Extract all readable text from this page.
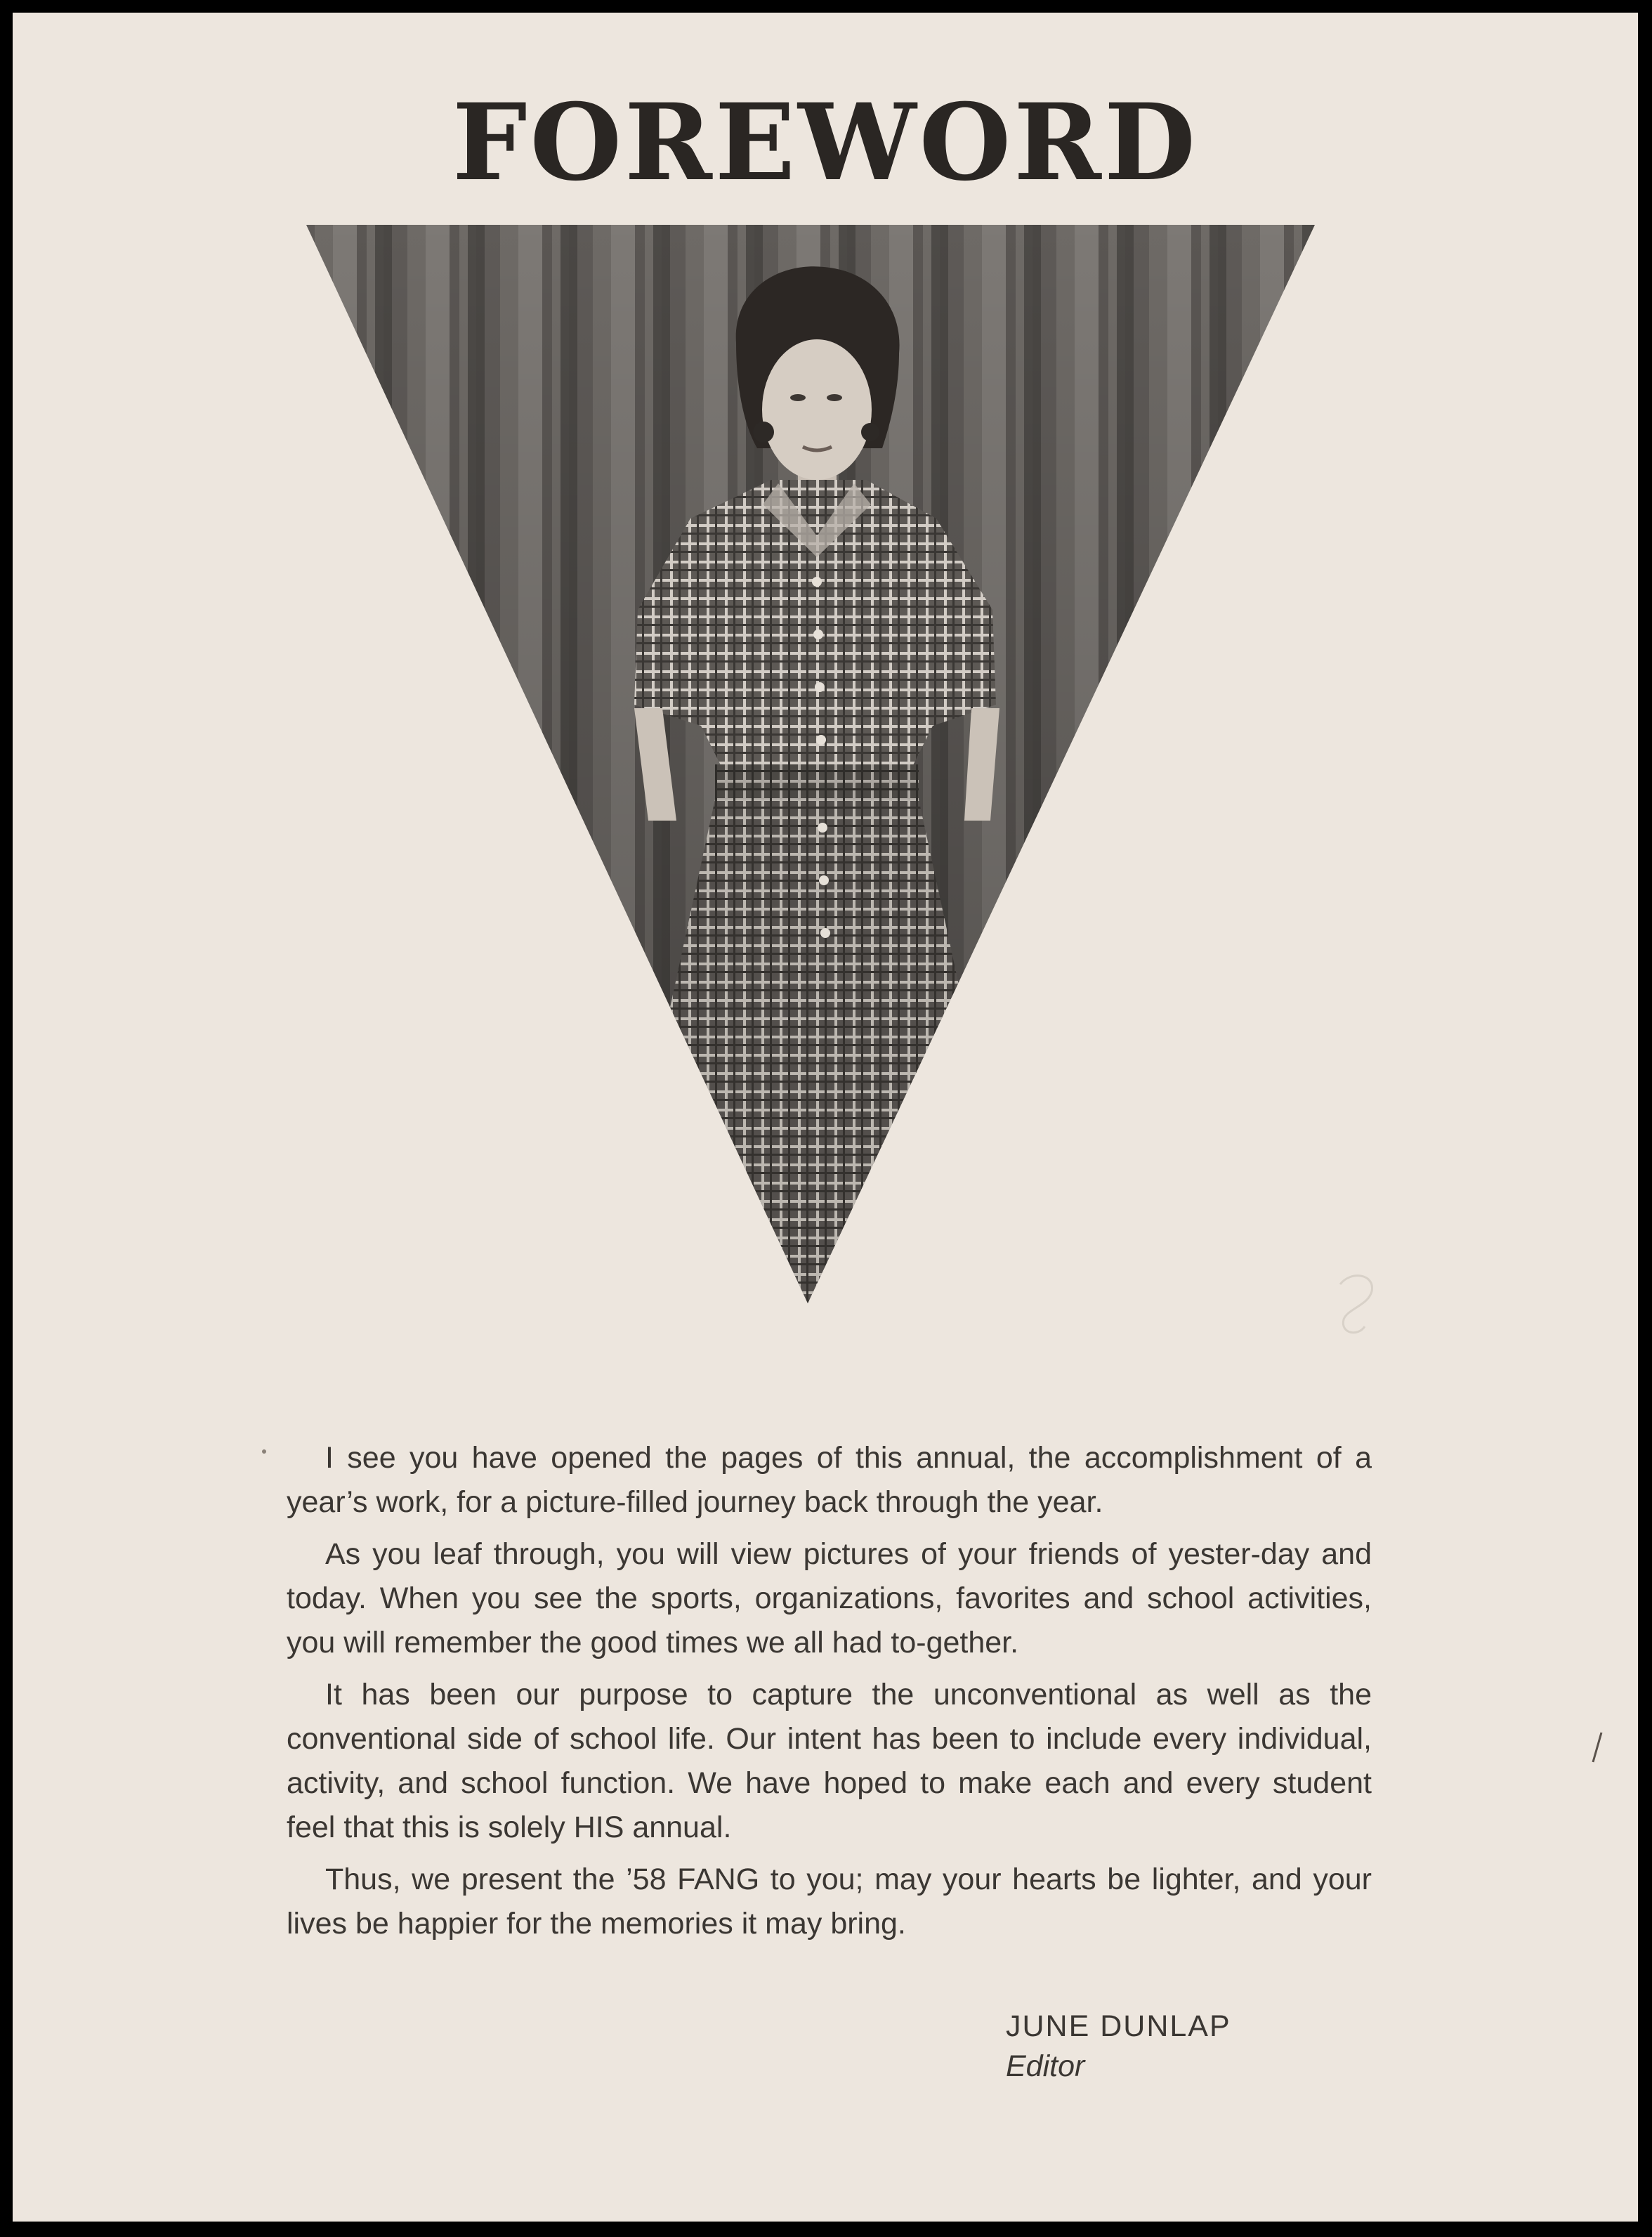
FOREWORD

I see you have opened the pages of this annual, the accomplishment of a year’s work, for a picture-filled journey back through the year.

As you leaf through, you will view pictures of your friends of yester-day and today. When you see the sports, organizations, favorites and school activities, you will remember the good times we all had to-gether.

It has been our purpose to capture the unconventional as well as the conventional side of school life. Our intent has been to include every individual, activity, and school function. We have hoped to make each and every student feel that this is solely HIS annual.

Thus, we present the ’58 FANG to you; may your hearts be lighter, and your lives be happier for the memories it may bring.

JUNE DUNLAP
Editor
